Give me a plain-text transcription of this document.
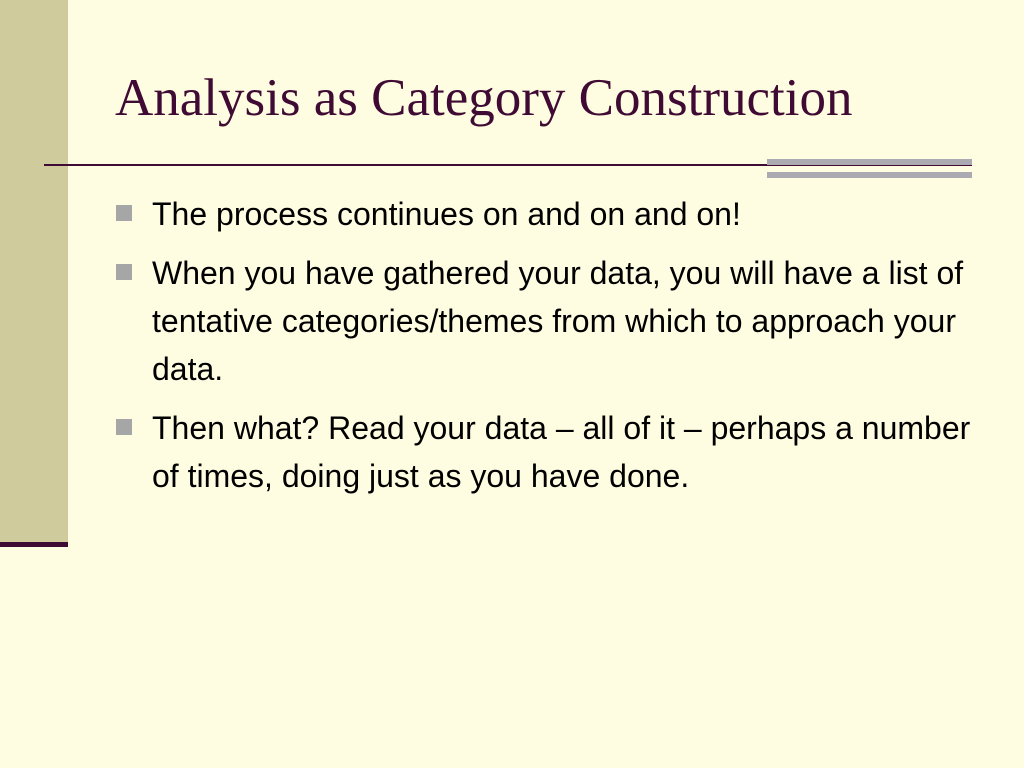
Analysis as Category Construction
The process continues on and on and on!
When you have gathered your data, you will have a list of tentative categories/themes from which to approach your data.
Then what? Read your data – all of it – perhaps a number of times, doing just as you have done.
